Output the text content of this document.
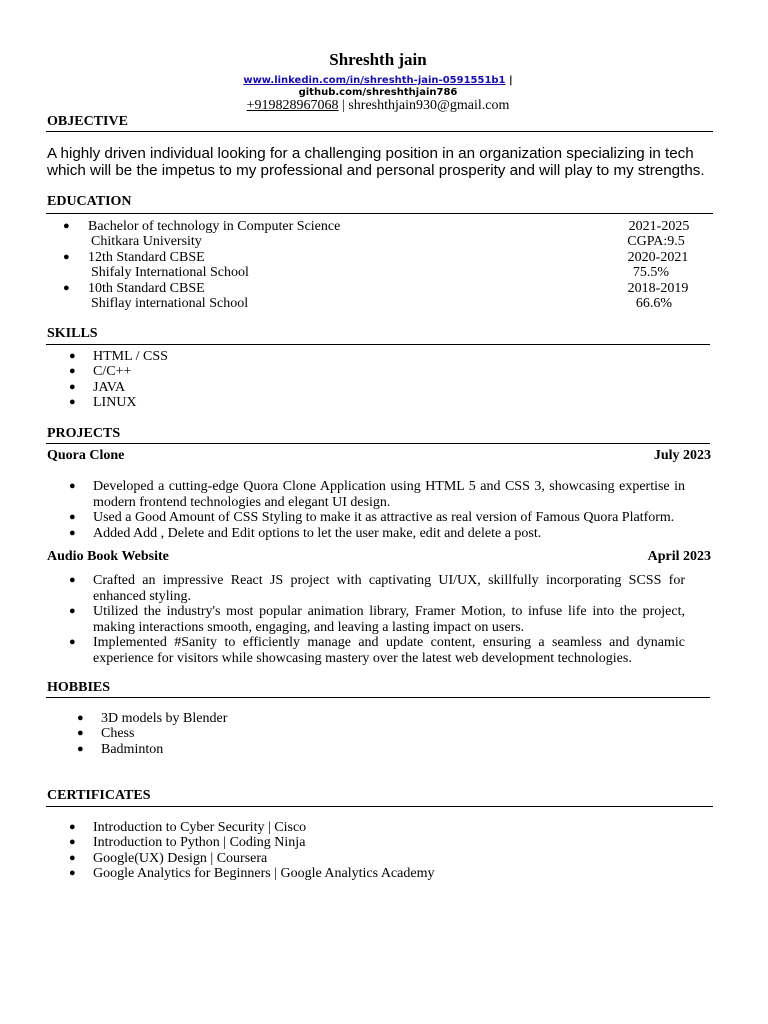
Shreshth jain
www.linkedin.com/in/shreshth-jain-0591551b1 |
github.com/shreshthjain786
+919828967068 | shreshthjain930@gmail.com
OBJECTIVE
A highly driven individual looking for a challenging position in an organization specializing in tech which will be the impetus to my professional and personal prosperity and will play to my strengths.
EDUCATION
● Bachelor of technology in Computer Science	2021-2025
Chitkara University	CGPA:9.5
● 12th Standard CBSE	2020-2021
Shifaly International School	75.5%
● 10th Standard CBSE	2018-2019
Shiflay international School	66.6%
SKILLS
● HTML / CSS
● C/C++
● JAVA
● LINUX
PROJECTS
Quora Clone	July 2023
● Developed a cutting-edge Quora Clone Application using HTML 5 and CSS 3, showcasing expertise in modern frontend technologies and elegant UI design.
● Used a Good Amount of CSS Styling to make it as attractive as real version of Famous Quora Platform.
● Added Add , Delete and Edit options to let the user make, edit and delete a post.
Audio Book Website	April 2023
● Crafted an impressive React JS project with captivating UI/UX, skillfully incorporating SCSS for enhanced styling.
● Utilized the industry's most popular animation library, Framer Motion, to infuse life into the project, making interactions smooth, engaging, and leaving a lasting impact on users.
● Implemented #Sanity to efficiently manage and update content, ensuring a seamless and dynamic experience for visitors while showcasing mastery over the latest web development technologies.
HOBBIES
● 3D models by Blender
● Chess
● Badminton
CERTIFICATES
● Introduction to Cyber Security | Cisco
● Introduction to Python | Coding Ninja
● Google(UX) Design | Coursera
● Google Analytics for Beginners | Google Analytics Academy
